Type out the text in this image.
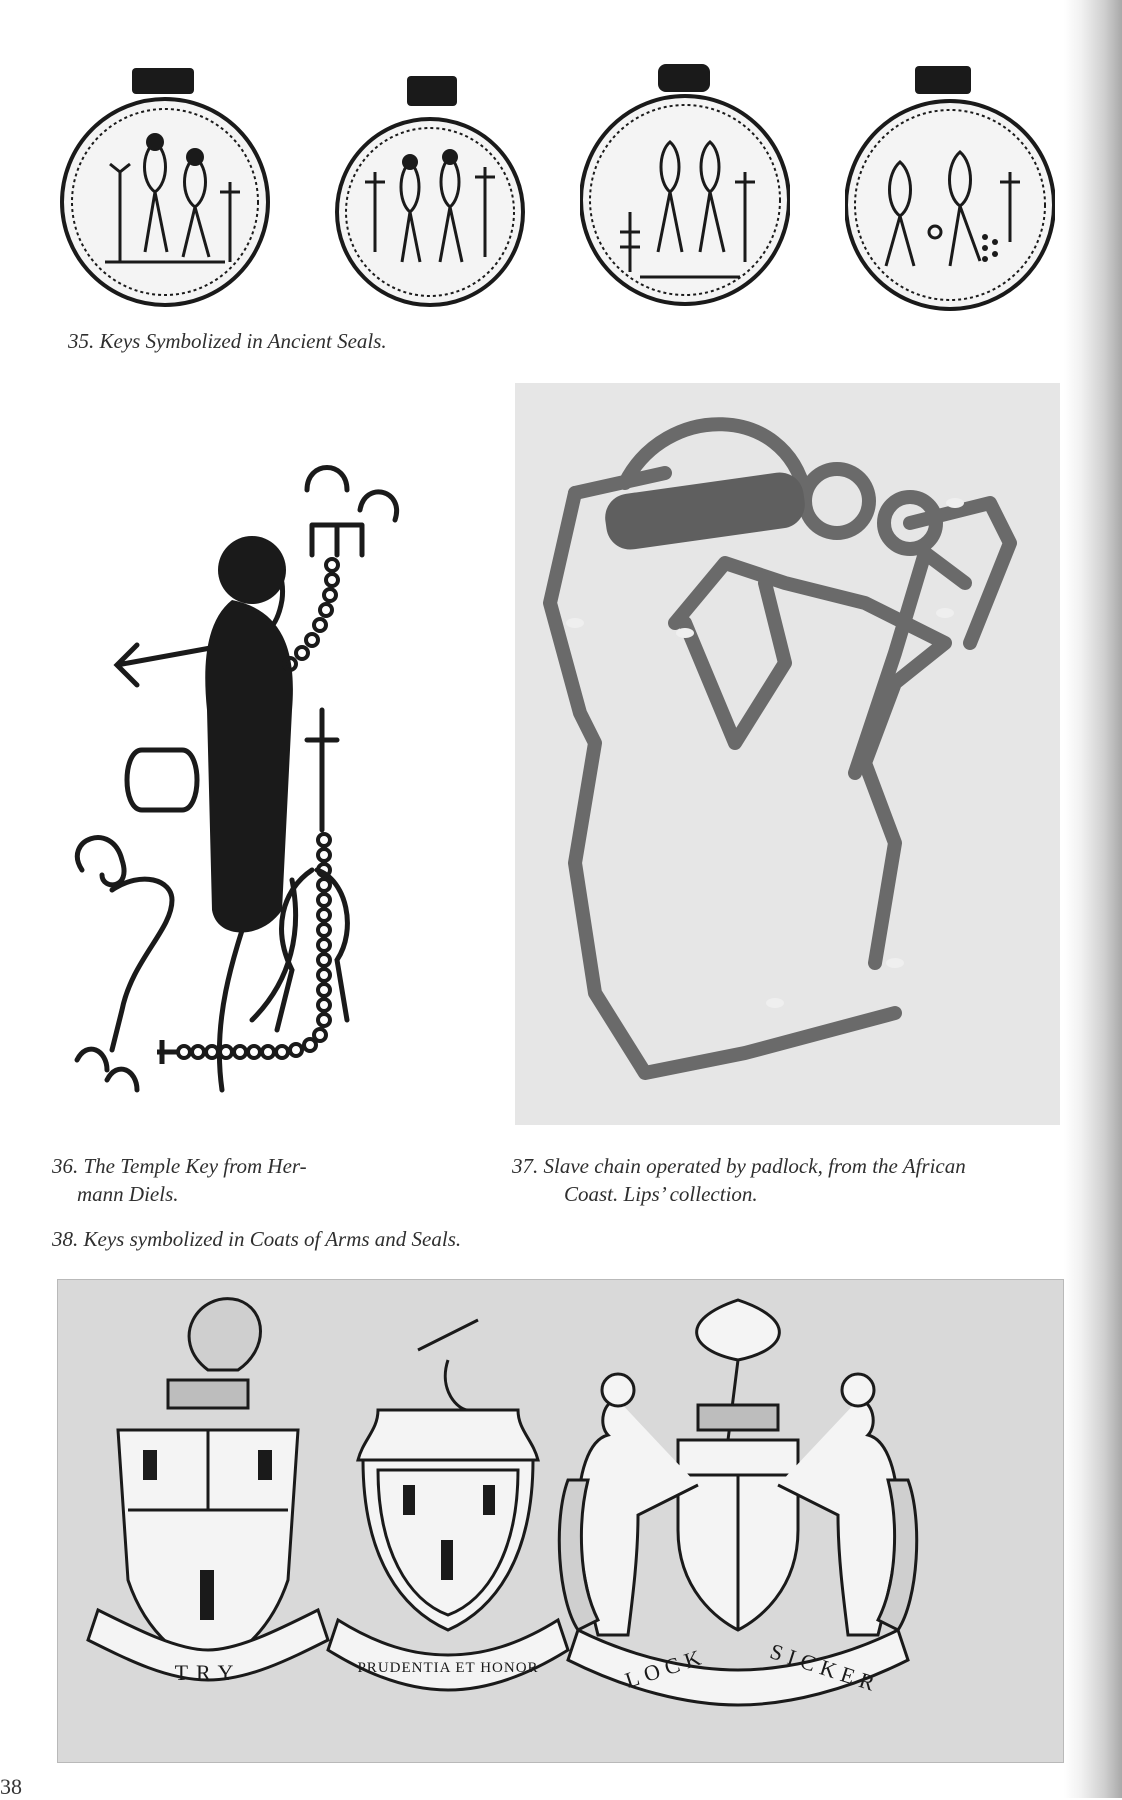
35. Keys Symbolized in Ancient Seals.
36. The Temple Key from Her-
mann Diels.
37. Slave chain operated by padlock, from the African
Coast. Lips’ collection.
38. Keys symbolized in Coats of Arms and Seals.
TRY	PRUDENTIA ET HONOR	LOCK	SICKER
38
